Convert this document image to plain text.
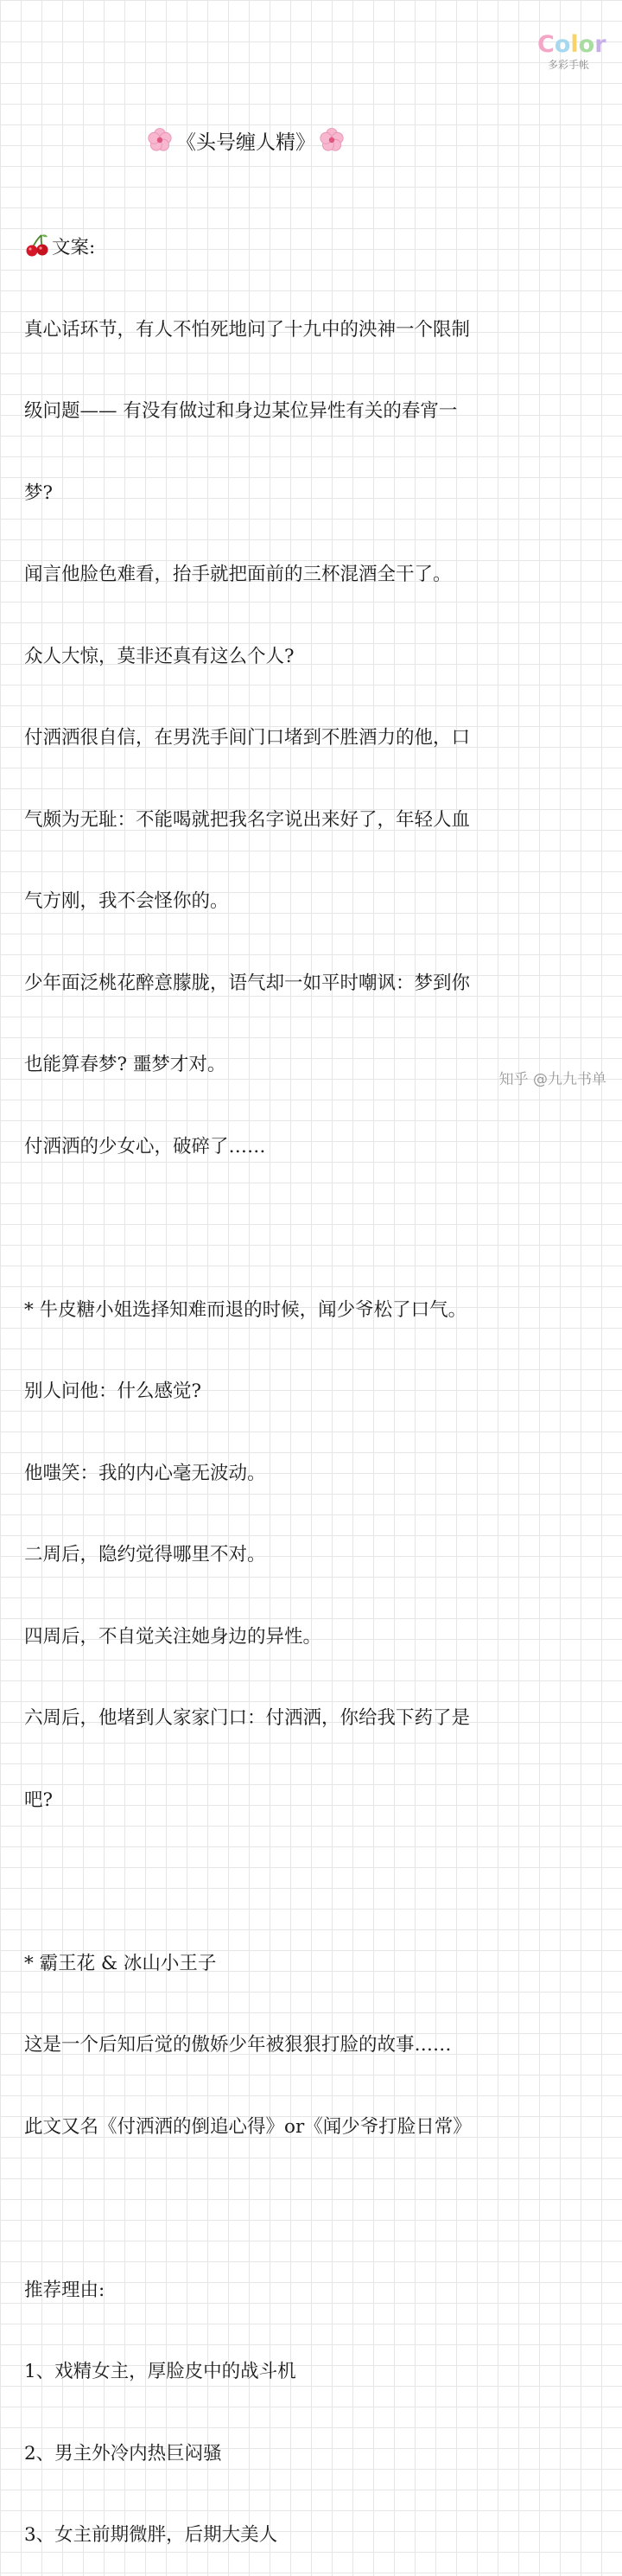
Color
多彩手帐
《头号缠人精》

文案:

真心话环节，有人不怕死地问了十九中的泱神一个限制

级问题—— 有没有做过和身边某位异性有关的春宵一

梦?

闻言他脸色难看，抬手就把面前的三杯混酒全干了。

众人大惊，莫非还真有这么个人?

付洒洒很自信，在男洗手间门口堵到不胜酒力的他，口

气颇为无耻：不能喝就把我名字说出来好了，年轻人血

气方刚，我不会怪你的。

少年面泛桃花醉意朦胧，语气却一如平时嘲讽：梦到你

也能算春梦? 噩梦才对。

付洒洒的少女心，破碎了……

* 牛皮糖小姐选择知难而退的时候，闻少爷松了口气。

别人问他：什么感觉?

他嗤笑：我的内心毫无波动。

二周后，隐约觉得哪里不对。

四周后，不自觉关注她身边的异性。

六周后，他堵到人家家门口：付洒洒，你给我下药了是

吧?

* 霸王花 & 冰山小王子

这是一个后知后觉的傲娇少年被狠狠打脸的故事……

此文又名《付洒洒的倒追心得》or《闻少爷打脸日常》

推荐理由:

1、戏精女主，厚脸皮中的战斗机

2、男主外冷内热巨闷骚

3、女主前期微胖，后期大美人

知乎 @九九书单
